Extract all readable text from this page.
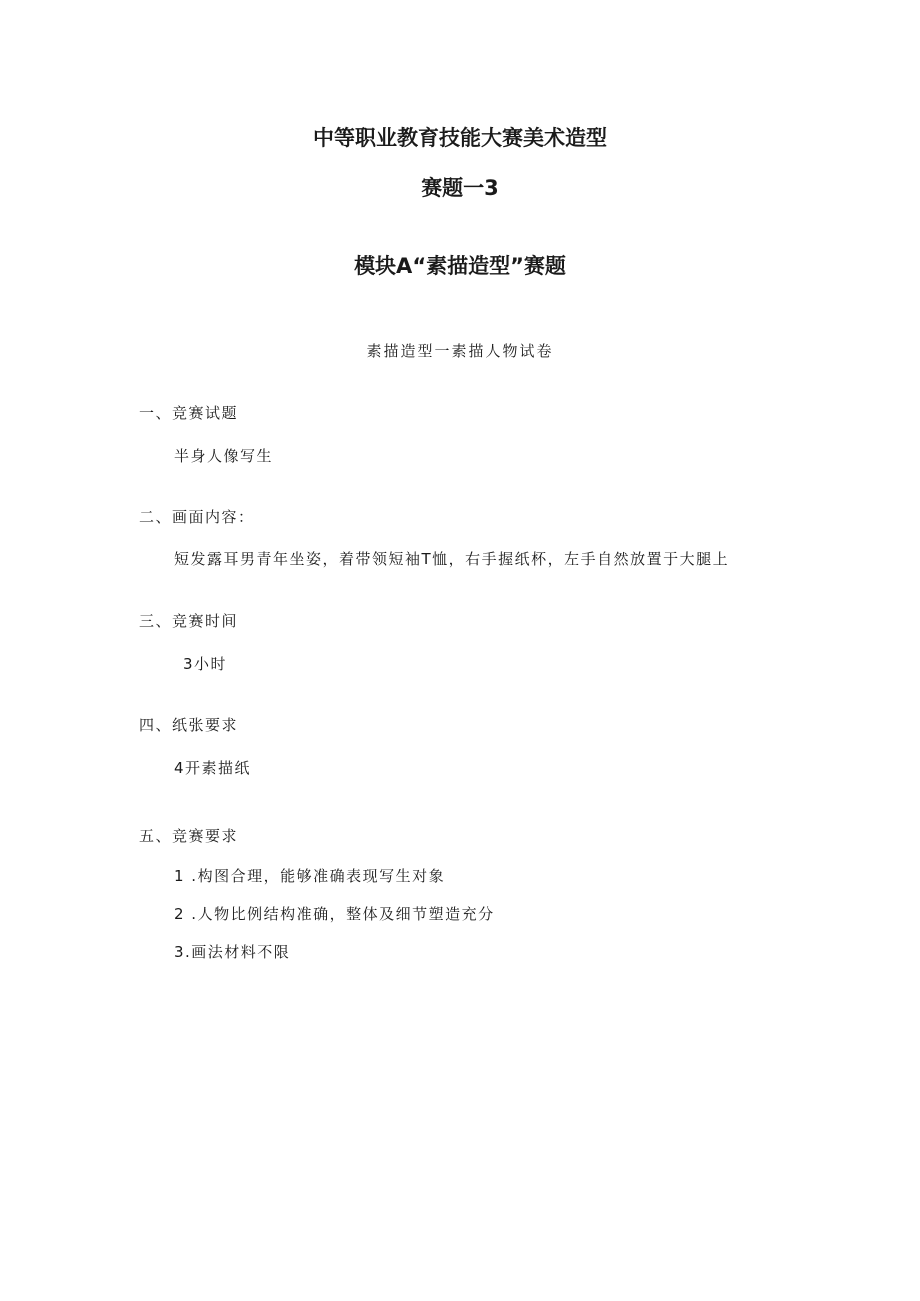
中等职业教育技能大赛美术造型
赛题一3
模块A“素描造型”赛题
素描造型一素描人物试卷
一、竞赛试题
半身人像写生
二、画面内容：
短发露耳男青年坐姿，着带领短袖T恤，右手握纸杯，左手自然放置于大腿上
三、竞赛时间
3小时
四、纸张要求
4开素描纸
五、竞赛要求
1 .构图合理，能够准确表现写生对象
2 .人物比例结构准确，整体及细节塑造充分
3.画法材料不限
